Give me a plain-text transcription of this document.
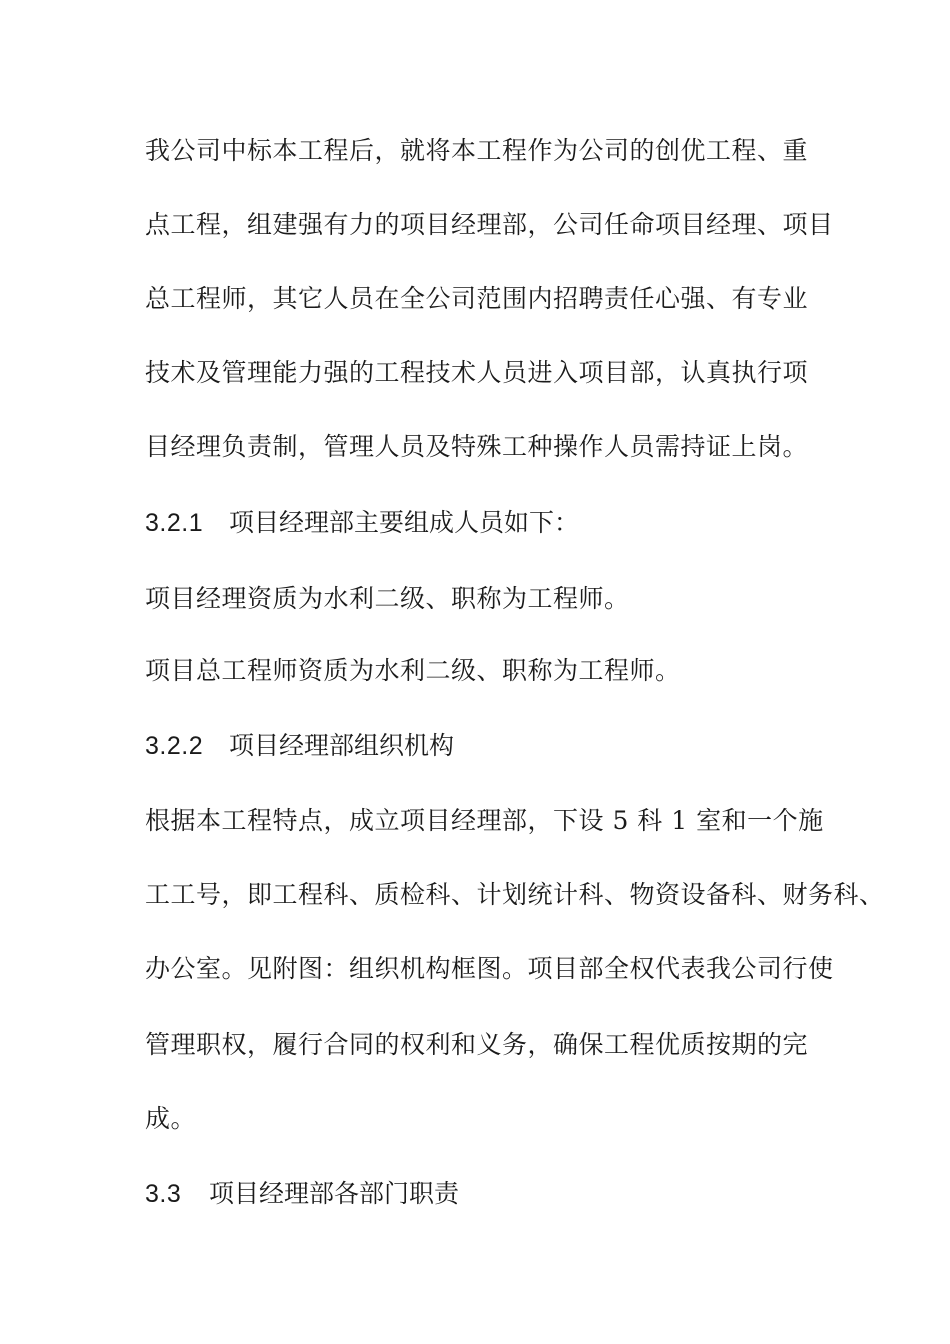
我公司中标本工程后，就将本工程作为公司的创优工程、重
点工程，组建强有力的项目经理部，公司任命项目经理、项目
总工程师，其它人员在全公司范围内招聘责任心强、有专业
技术及管理能力强的工程技术人员进入项目部，认真执行项
目经理负责制，管理人员及特殊工种操作人员需持证上岗。
3.2.1 项目经理部主要组成人员如下：
项目经理资质为水利二级、职称为工程师。
项目总工程师资质为水利二级、职称为工程师。
3.2.2 项目经理部组织机构
根据本工程特点，成立项目经理部，下设 5 科 1 室和一个施
工工号，即工程科、质检科、计划统计科、物资设备科、财务科、
办公室。见附图：组织机构框图。项目部全权代表我公司行使
管理职权，履行合同的权利和义务，确保工程优质按期的完
成。
3.3 项目经理部各部门职责
